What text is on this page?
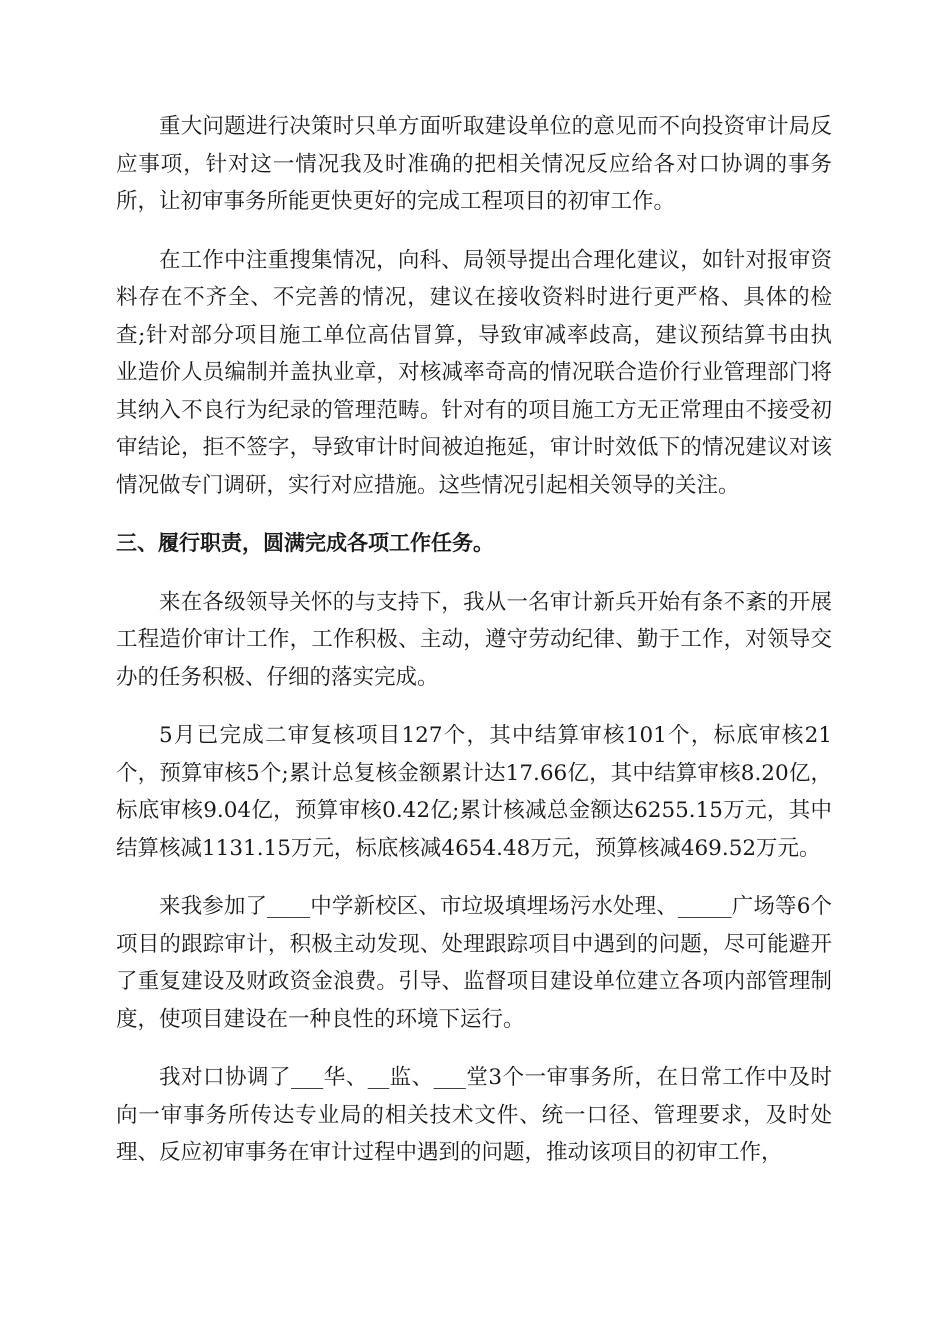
重大问题进行决策时只单方面听取建设单位的意见而不向投资审计局反应事项，针对这一情况我及时准确的把相关情况反应给各对口协调的事务所，让初审事务所能更快更好的完成工程项目的初审工作。

在工作中注重搜集情况，向科、局领导提出合理化建议，如针对报审资料存在不齐全、不完善的情况，建议在接收资料时进行更严格、具体的检查;针对部分项目施工单位高估冒算，导致审减率歧高，建议预结算书由执业造价人员编制并盖执业章，对核减率奇高的情况联合造价行业管理部门将其纳入不良行为纪录的管理范畴。针对有的项目施工方无正常理由不接受初审结论，拒不签字，导致审计时间被迫拖延，审计时效低下的情况建议对该情况做专门调研，实行对应措施。这些情况引起相关领导的关注。

三、履行职责，圆满完成各项工作任务。

来在各级领导关怀的与支持下，我从一名审计新兵开始有条不紊的开展工程造价审计工作，工作积极、主动，遵守劳动纪律、勤于工作，对领导交办的任务积极、仔细的落实完成。

5月已完成二审复核项目127个，其中结算审核101个，标底审核21个，预算审核5个;累计总复核金额累计达17.66亿，其中结算审核8.20亿，标底审核9.04亿，预算审核0.42亿;累计核减总金额达6255.15万元，其中结算核减1131.15万元，标底核减4654.48万元，预算核减469.52万元。

来我参加了____中学新校区、市垃圾填埋场污水处理、_____广场等6个项目的跟踪审计，积极主动发现、处理跟踪项目中遇到的问题，尽可能避开了重复建设及财政资金浪费。引导、监督项目建设单位建立各项内部管理制度，使项目建设在一种良性的环境下运行。

我对口协调了___华、__监、___堂3个一审事务所，在日常工作中及时向一审事务所传达专业局的相关技术文件、统一口径、管理要求，及时处理、反应初审事务在审计过程中遇到的问题，推动该项目的初审工作，
